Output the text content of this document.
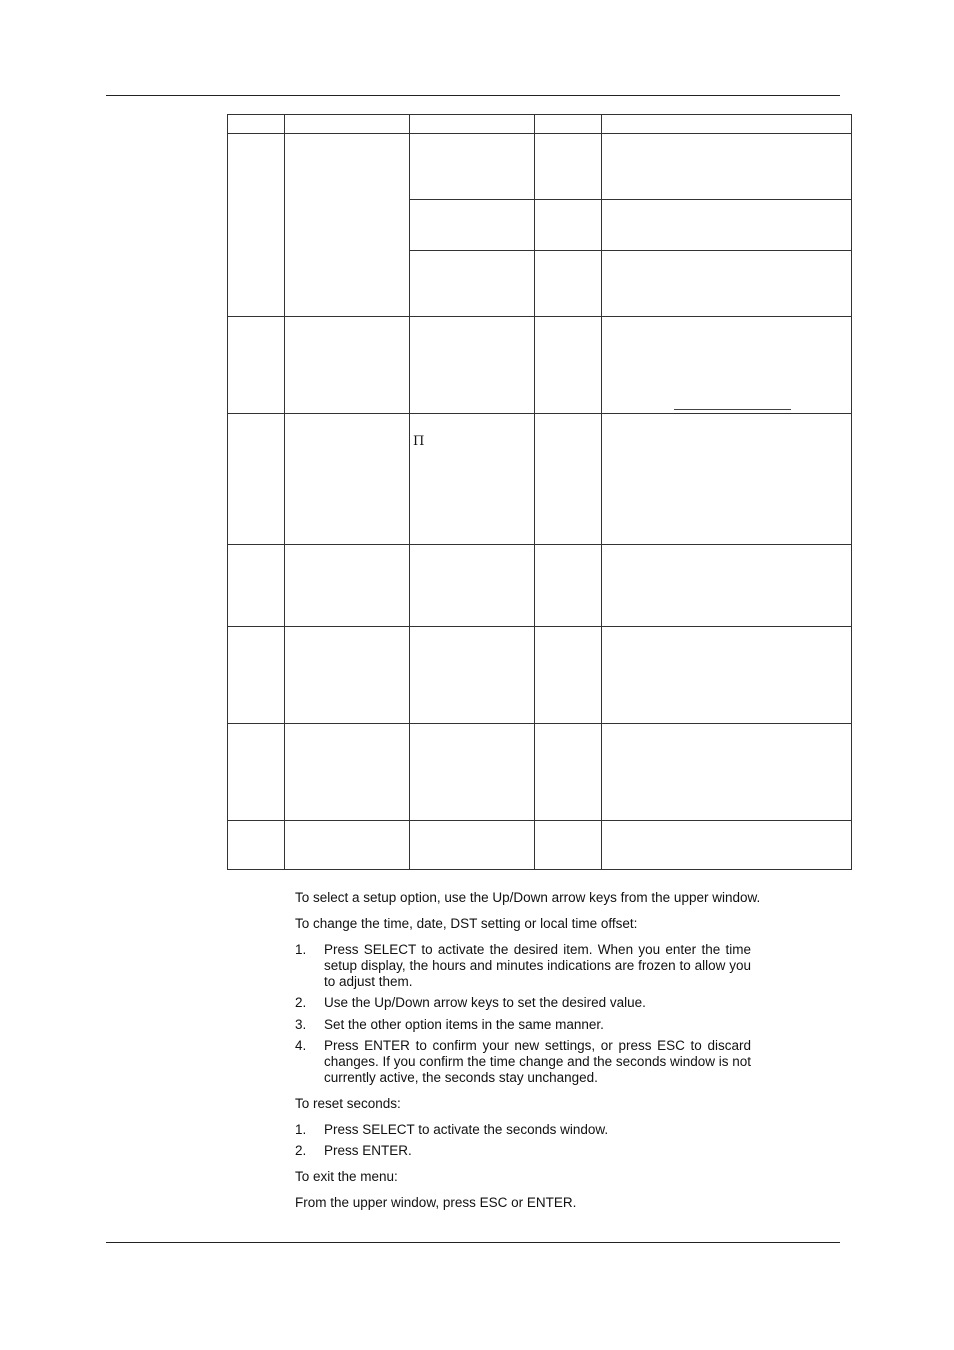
Π

To select a setup option, use the Up/Down arrow keys from the upper window.

To change the time, date, DST setting or local time offset:

1. Press SELECT to activate the desired item. When you enter the time setup display, the hours and minutes indications are frozen to allow you to adjust them.
2. Use the Up/Down arrow keys to set the desired value.
3. Set the other option items in the same manner.
4. Press ENTER to confirm your new settings, or press ESC to discard changes. If you confirm the time change and the seconds window is not currently active, the seconds stay unchanged.

To reset seconds:

1. Press SELECT to activate the seconds window.
2. Press ENTER.

To exit the menu:

From the upper window, press ESC or ENTER.
